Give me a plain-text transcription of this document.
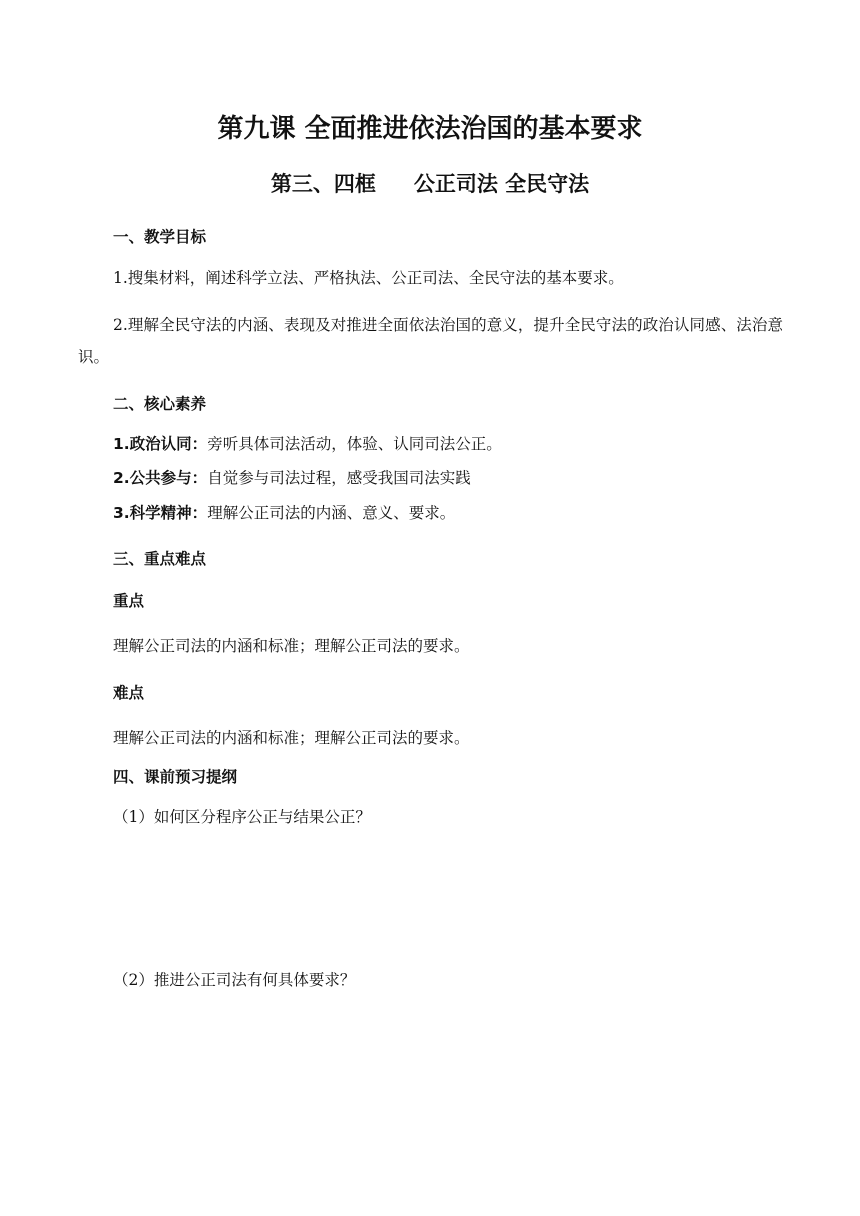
第九课 全面推进依法治国的基本要求
第三、四框 公正司法 全民守法
一、教学目标
1.搜集材料，阐述科学立法、严格执法、公正司法、全民守法的基本要求。
2.理解全民守法的内涵、表现及对推进全面依法治国的意义，提升全民守法的政治认同感、法治意识。
二、核心素养
1.政治认同：旁听具体司法活动，体验、认同司法公正。
2.公共参与：自觉参与司法过程，感受我国司法实践
3.科学精神：理解公正司法的内涵、意义、要求。
三、重点难点
重点
理解公正司法的内涵和标准；理解公正司法的要求。
难点
理解公正司法的内涵和标准；理解公正司法的要求。
四、课前预习提纲
（1）如何区分程序公正与结果公正？
（2）推进公正司法有何具体要求？
